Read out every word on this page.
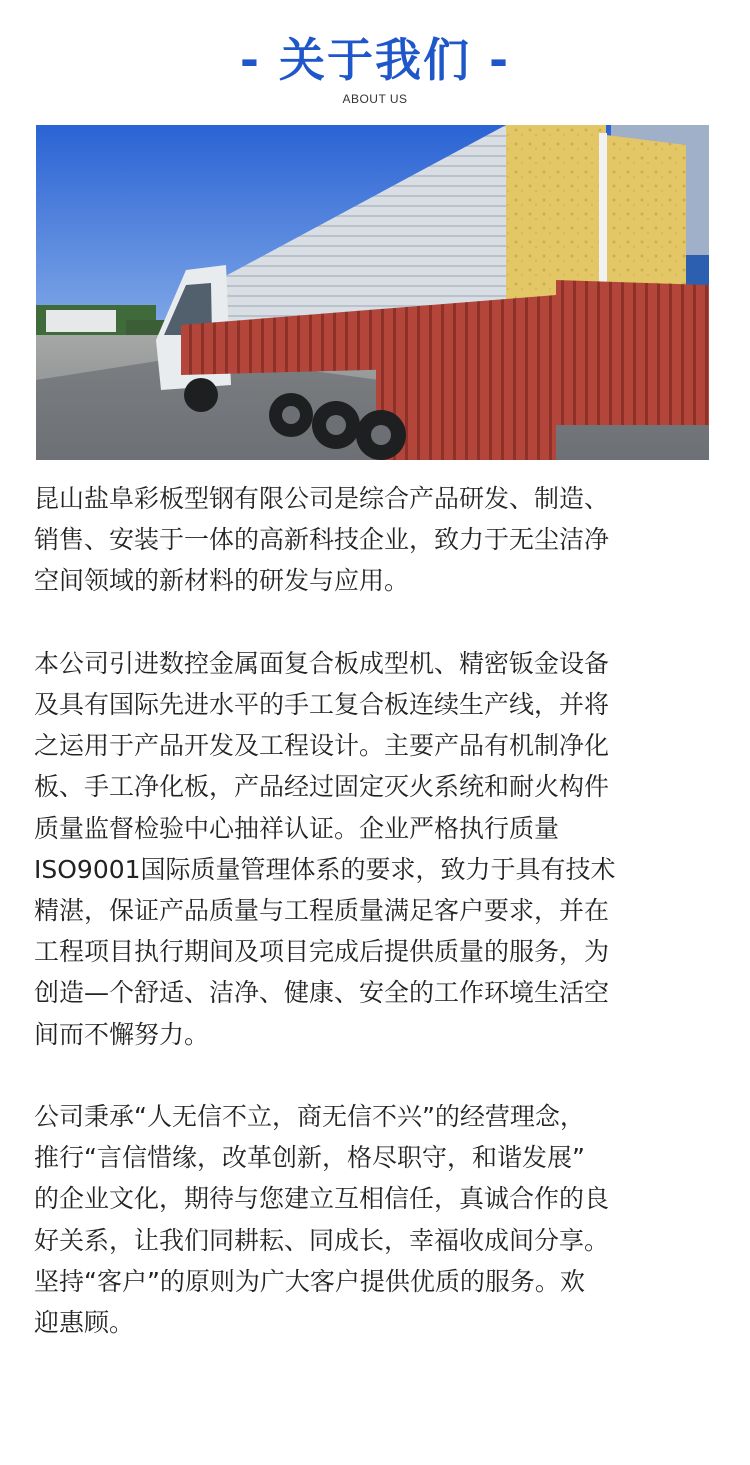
- 关于我们 -
ABOUT US

昆山盐阜彩板型钢有限公司是综合产品研发、制造、
销售、安装于一体的高新科技企业，致力于无尘洁净
空间领域的新材料的研发与应用。

本公司引进数控金属面复合板成型机、精密钣金设备
及具有国际先进水平的手工复合板连续生产线，并将
之运用于产品开发及工程设计。主要产品有机制净化
板、手工净化板，产品经过固定灭火系统和耐火构件
质量监督检验中心抽祥认证。企业严格执行质量
ISO9001国际质量管理体系的要求，致力于具有技术
精湛，保证产品质量与工程质量满足客户要求，并在
工程项目执行期间及项目完成后提供质量的服务，为
创造—个舒适、洁净、健康、安全的工作环境生活空
间而不懈努力。

公司秉承“人无信不立，商无信不兴”的经营理念，
推行“言信惜缘，改革创新，格尽职守，和谐发展”
的企业文化，期待与您建立互相信任，真诚合作的良
好关系，让我们同耕耘、同成长，幸福收成间分享。
坚持“客户”的原则为广大客户提供优质的服务。欢
迎惠顾。
